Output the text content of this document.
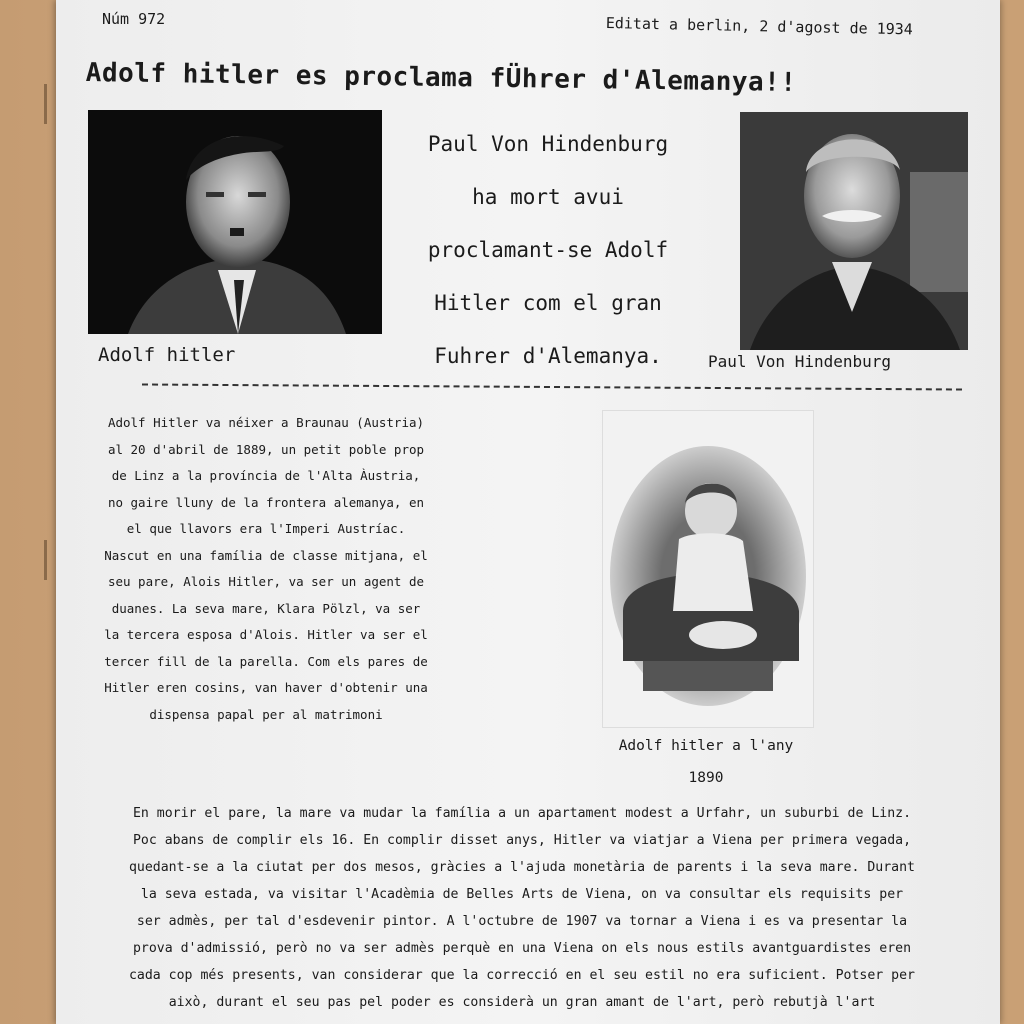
Núm 972	Editat a berlin, 2 d'agost de 1934
Adolf hitler es proclama fÜhrer d'Alemanya!!
Paul Von Hindenburg
ha mort avui
proclamant-se Adolf
Hitler com el gran
Fuhrer d'Alemanya.
Adolf hitler	Paul Von Hindenburg
Adolf Hitler va néixer a Braunau (Austria)
al 20 d'abril de 1889, un petit poble prop
de Linz a la província de l'Alta Àustria,
no gaire lluny de la frontera alemanya, en
el que llavors era l'Imperi Austríac.
Nascut en una família de classe mitjana, el
seu pare, Alois Hitler, va ser un agent de
duanes. La seva mare, Klara Pölzl, va ser
la tercera esposa d'Alois. Hitler va ser el
tercer fill de la parella. Com els pares de
Hitler eren cosins, van haver d'obtenir una
dispensa papal per al matrimoni
Adolf hitler a l'any
1890
En morir el pare, la mare va mudar la família a un apartament modest a Urfahr, un suburbi de Linz.
Poc abans de complir els 16. En complir disset anys, Hitler va viatjar a Viena per primera vegada,
quedant-se a la ciutat per dos mesos, gràcies a l'ajuda monetària de parents i la seva mare. Durant
la seva estada, va visitar l'Acadèmia de Belles Arts de Viena, on va consultar els requisits per
ser admès, per tal d'esdevenir pintor. A l'octubre de 1907 va tornar a Viena i es va presentar la
prova d'admissió, però no va ser admès perquè en una Viena on els nous estils avantguardistes eren
cada cop més presents, van considerar que la correcció en el seu estil no era suficient. Potser per
això, durant el seu pas pel poder es considerà un gran amant de l'art, però rebutjà l'art
